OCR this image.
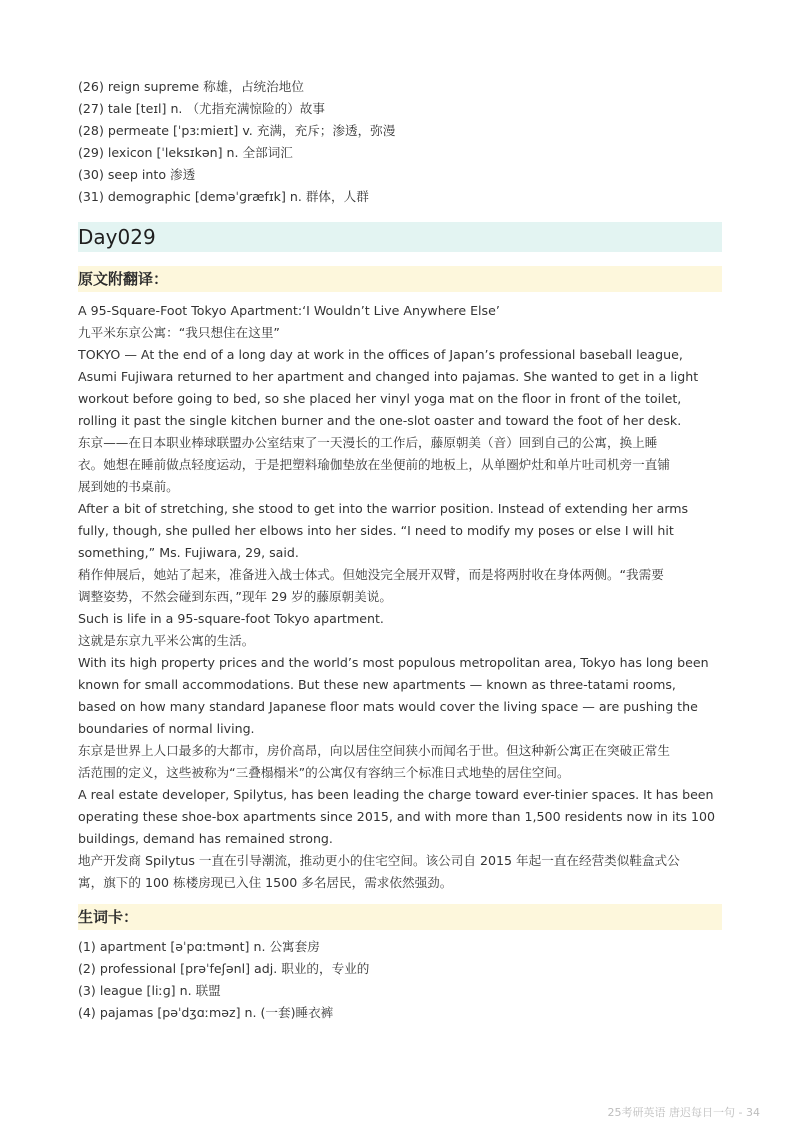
(26) reign supreme 称雄，占统治地位
(27) tale [teɪl] n. （尤指充满惊险的）故事
(28) permeate [ˈpɜːmieɪt] v. 充满，充斥；渗透，弥漫
(29) lexicon [ˈleksɪkən] n. 全部词汇
(30) seep into 渗透
(31) demographic [deməˈɡræfɪk] n. 群体，人群
Day029
原文附翻译：

A 95-Square-Foot Tokyo Apartment:‘I Wouldn’t Live Anywhere Else’

九平米东京公寓：“我只想住在这里”

TOKYO — At the end of a long day at work in the offices of Japan’s professional baseball league,

Asumi Fujiwara returned to her apartment and changed into pajamas. She wanted to get in a light

workout before going to bed, so she placed her vinyl yoga mat on the floor in front of the toilet,

rolling it past the single kitchen burner and the one-slot oaster and toward the foot of her desk.

东京——在日本职业棒球联盟办公室结束了一天漫长的工作后，藤原朝美（音）回到自己的公寓，换上睡

衣。她想在睡前做点轻度运动，于是把塑料瑜伽垫放在坐便前的地板上，从单圈炉灶和单片吐司机旁一直铺

展到她的书桌前。

After a bit of stretching, she stood to get into the warrior position. Instead of extending her arms

fully, though, she pulled her elbows into her sides. “I need to modify my poses or else I will hit

something,” Ms. Fujiwara, 29, said.

稍作伸展后，她站了起来，准备进入战士体式。但她没完全展开双臂，而是将两肘收在身体两侧。“我需要

调整姿势，不然会碰到东西，”现年 29 岁的藤原朝美说。

Such is life in a 95-square-foot Tokyo apartment.

这就是东京九平米公寓的生活。

With its high property prices and the world’s most populous metropolitan area, Tokyo has long been

known for small accommodations. But these new apartments — known as three-tatami rooms,

based on how many standard Japanese floor mats would cover the living space — are pushing the

boundaries of normal living.

东京是世界上人口最多的大都市，房价高昂，向以居住空间狭小而闻名于世。但这种新公寓正在突破正常生

活范围的定义，这些被称为“三叠榻榻米”的公寓仅有容纳三个标准日式地垫的居住空间。

A real estate developer, Spilytus, has been leading the charge toward ever-tinier spaces. It has been

operating these shoe-box apartments since 2015, and with more than 1,500 residents now in its 100

buildings, demand has remained strong.

地产开发商 Spilytus 一直在引导潮流，推动更小的住宅空间。该公司自 2015 年起一直在经营类似鞋盒式公

寓，旗下的 100 栋楼房现已入住 1500 多名居民，需求依然强劲。

生词卡：
(1) apartment [əˈpɑːtmənt] n. 公寓套房
(2) professional [prəˈfeʃənl] adj. 职业的，专业的
(3) league [liːɡ] n. 联盟
(4) pajamas [pəˈdʒɑːməz] n. (一套)睡衣裤
25考研英语 唐迟每日一句 - 34
